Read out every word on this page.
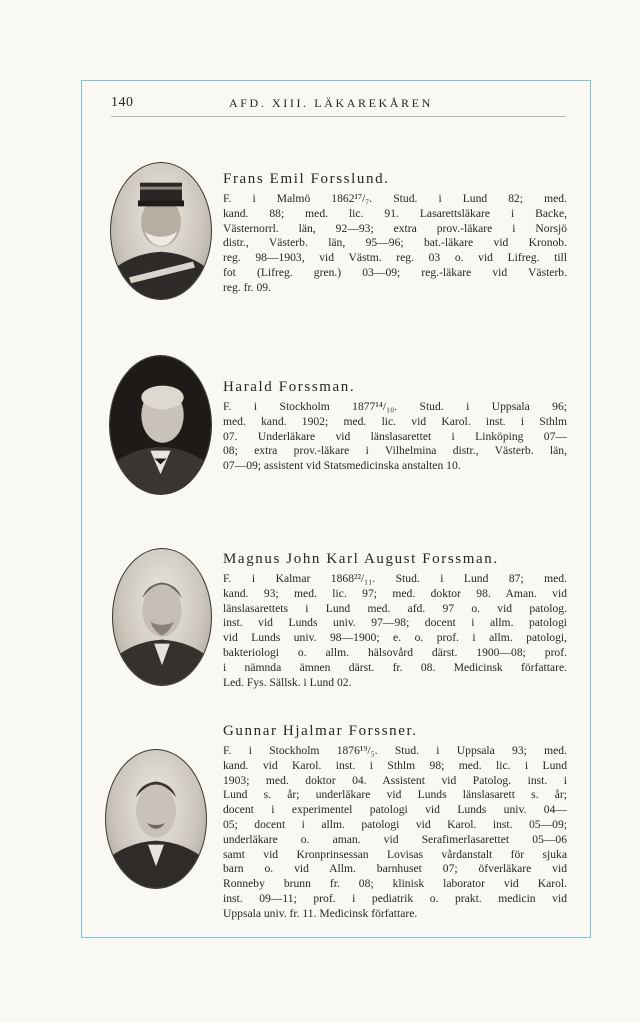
140	AFD. XIII. LÄKAREKÅREN
Frans Emil Forsslund.
F. i Malmö 1862¹⁷/₇. Stud. i Lund 82; med.
kand. 88; med. lic. 91. Lasarettsläkare i Backe,
Västernorrl. län, 92—93; extra prov.-läkare i Norsjö
distr., Västerb. län, 95—96; bat.-läkare vid Kronob.
reg. 98—1903, vid Västm. reg. 03 o. vid Lifreg. till
fot (Lifreg. gren.) 03—09; reg.-läkare vid Västerb.
reg. fr. 09.
Harald Forssman.
F. i Stockholm 1877¹⁴/₁₀. Stud. i Uppsala 96;
med. kand. 1902; med. lic. vid Karol. inst. i Sthlm
07. Underläkare vid länslasarettet i Linköping 07—
08; extra prov.-läkare i Vilhelmina distr., Västerb. län,
07—09; assistent vid Statsmedicinska anstalten 10.
Magnus John Karl August Forssman.
F. i Kalmar 1868²²/₁₁. Stud. i Lund 87; med.
kand. 93; med. lic. 97; med. doktor 98. Aman. vid
länslasarettets i Lund med. afd. 97 o. vid patolog.
inst. vid Lunds univ. 97—98; docent i allm. patologi
vid Lunds univ. 98—1900; e. o. prof. i allm. patologi,
bakteriologi o. allm. hälsovård därst. 1900—08; prof.
i nämnda ämnen därst. fr. 08. Medicinsk författare.
Led. Fys. Sällsk. i Lund 02.
Gunnar Hjalmar Forssner.
F. i Stockholm 1876¹⁹/₅. Stud. i Uppsala 93; med.
kand. vid Karol. inst. i Sthlm 98; med. lic. i Lund
1903; med. doktor 04. Assistent vid Patolog. inst. i
Lund s. år; underläkare vid Lunds länslasarett s. år;
docent i experimentel patologi vid Lunds univ. 04—
05; docent i allm. patologi vid Karol. inst. 05—09;
underläkare o. aman. vid Serafimerlasarettet 05—06
samt vid Kronprinsessan Lovisas vårdanstalt för sjuka
barn o. vid Allm. barnhuset 07; öfverläkare vid
Ronneby brunn fr. 08; klinisk laborator vid Karol.
inst. 09—11; prof. i pediatrik o. prakt. medicin vid
Uppsala univ. fr. 11. Medicinsk författare.
